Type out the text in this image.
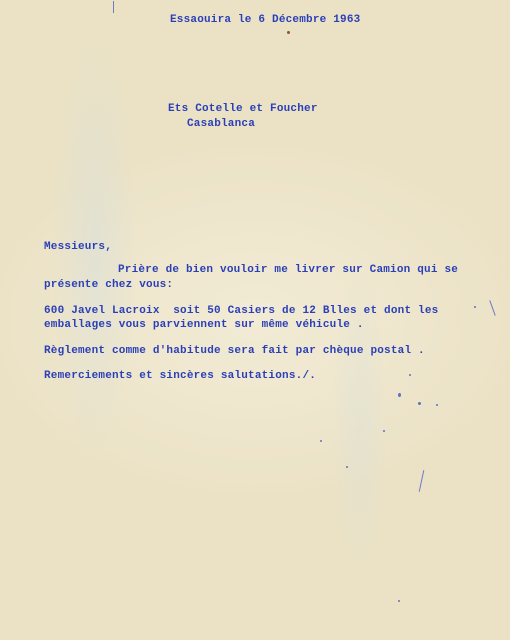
Essaouira le 6 Décembre 1963

Ets Cotelle et Foucher

Casablanca

Messieurs,

Prière de bien vouloir me livrer sur Camion qui se

présente chez vous:

600 Javel Lacroix  soit 50 Casiers de 12 Blles et dont les

emballages vous parviennent sur même véhicule .

Règlement comme d'habitude sera fait par chèque postal .

Remerciements et sincères salutations./.
